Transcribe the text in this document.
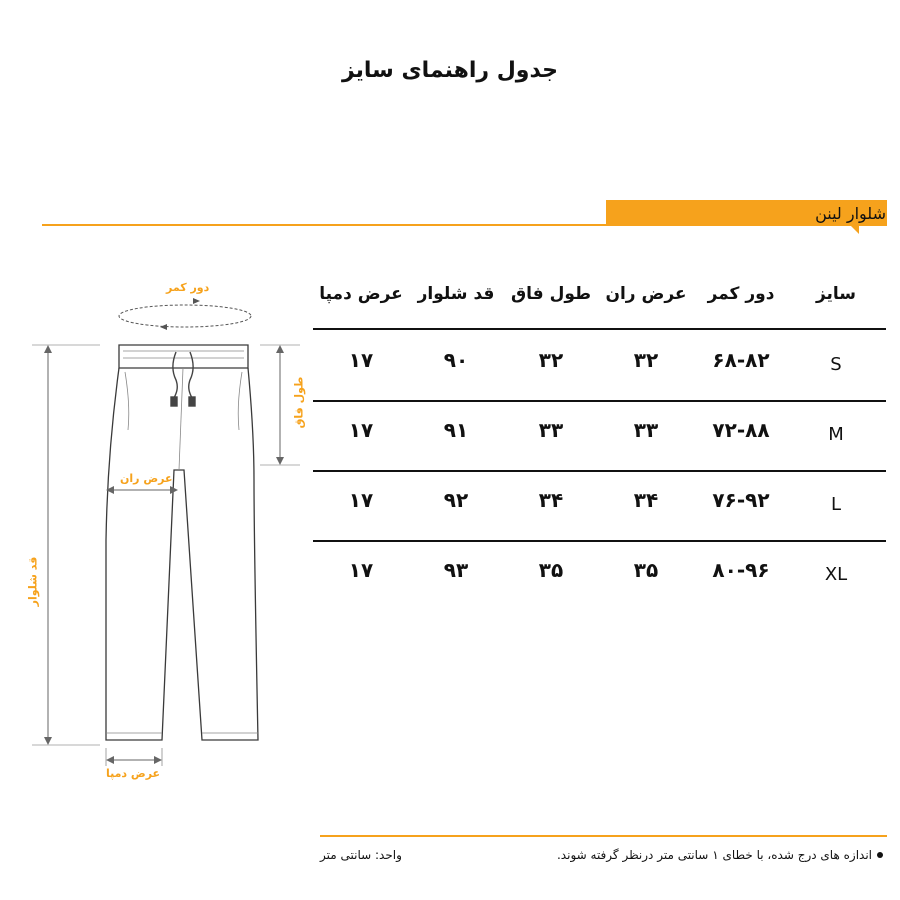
جدول راهنمای سایز
شلوار لینن
سایز
دور کمر
عرض ران
طول فاق
قد شلوار
عرض دمپا
S
۶۸-۸۲
۳۲
۳۲
۹۰
۱۷
M
۷۲-۸۸
۳۳
۳۳
۹۱
۱۷
L
۷۶-۹۲
۳۴
۳۴
۹۲
۱۷
XL
۸۰-۹۶
۳۵
۳۵
۹۳
۱۷
دور کمر
طول فاق
عرض ران
قد شلوار
عرض دمپا
اندازه های درج شده، با خطای ۱ سانتی متر درنظر گرفته شوند.
واحد: سانتی متر
